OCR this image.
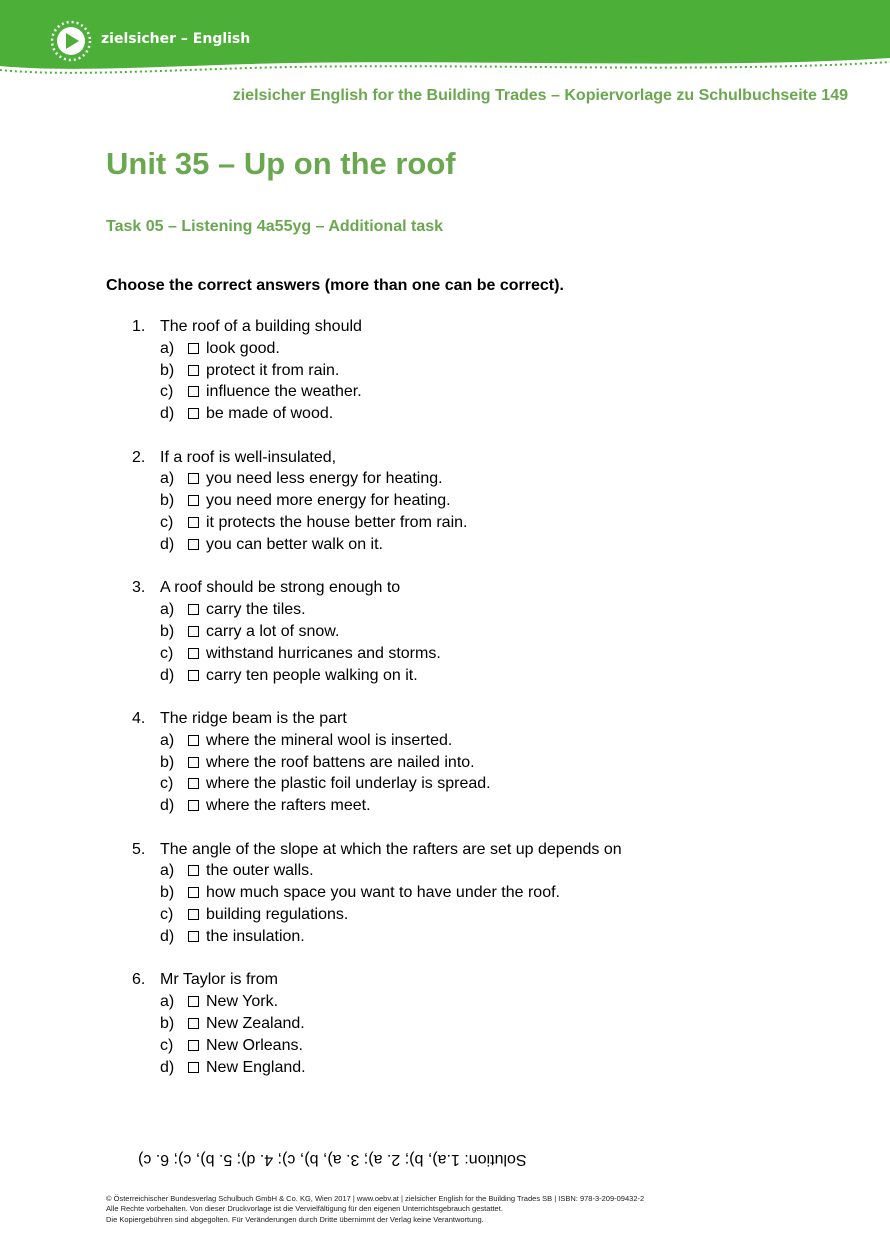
zielsicher – English
zielsicher English for the Building Trades – Kopiervorlage zu Schulbuchseite 149
Unit 35 – Up on the roof
Task 05 – Listening 4a55yg – Additional task
Choose the correct answers (more than one can be correct).
1. The roof of a building should
a) look good.
b) protect it from rain.
c) influence the weather.
d) be made of wood.
2. If a roof is well-insulated,
a) you need less energy for heating.
b) you need more energy for heating.
c) it protects the house better from rain.
d) you can better walk on it.
3. A roof should be strong enough to
a) carry the tiles.
b) carry a lot of snow.
c) withstand hurricanes and storms.
d) carry ten people walking on it.
4. The ridge beam is the part
a) where the mineral wool is inserted.
b) where the roof battens are nailed into.
c) where the plastic foil underlay is spread.
d) where the rafters meet.
5. The angle of the slope at which the rafters are set up depends on
a) the outer walls.
b) how much space you want to have under the roof.
c) building regulations.
d) the insulation.
6. Mr Taylor is from
a) New York.
b) New Zealand.
c) New Orleans.
d) New England.
Solution: 1.a), b); 2. a); 3. a), b), c); 4. d); 5. b), c); 6. c)
© Österreichischer Bundesverlag Schulbuch GmbH & Co. KG, Wien 2017 | www.oebv.at | zielsicher English for the Building Trades SB | ISBN: 978-3-209-09432-2
Alle Rechte vorbehalten. Von dieser Druckvorlage ist die Vervielfältigung für den eigenen Unterrichtsgebrauch gestattet.
Die Kopiergebühren sind abgegolten. Für Veränderungen durch Dritte übernimmt der Verlag keine Verantwortung.
